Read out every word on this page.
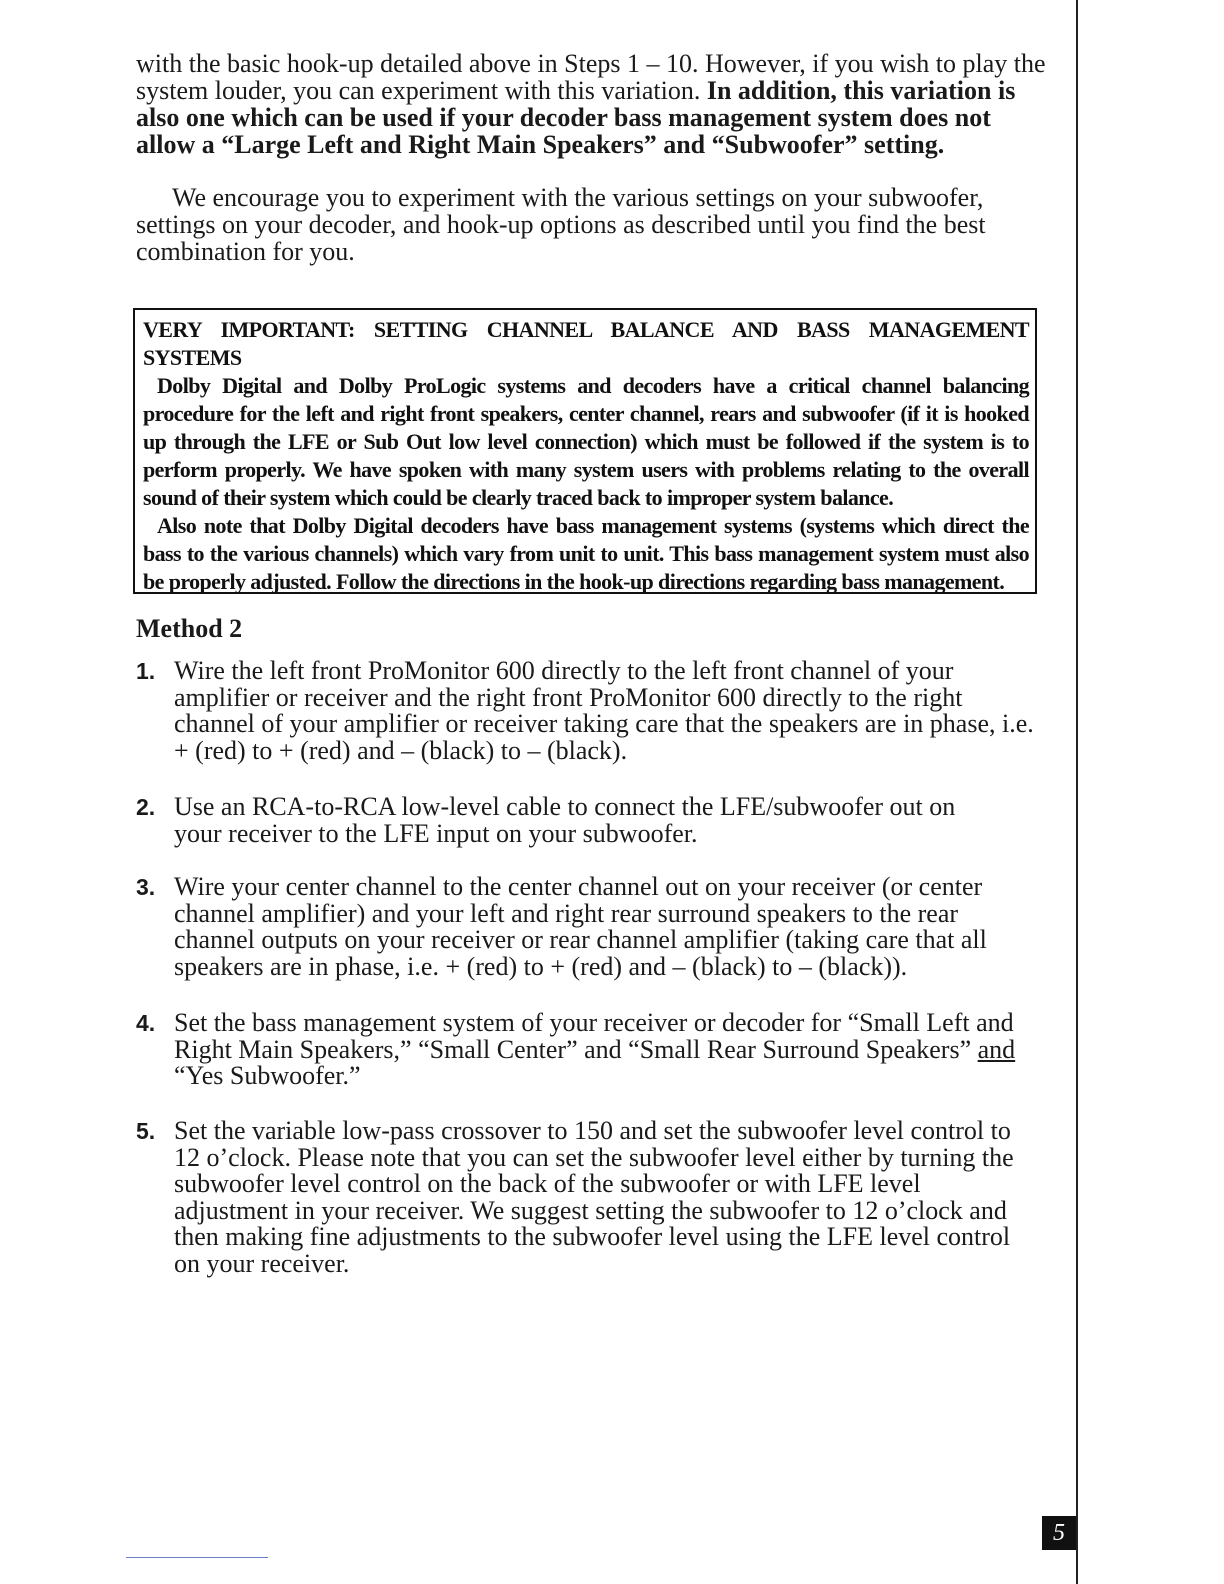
with the basic hook-up detailed above in Steps 1 – 10. However, if you wish to play the system louder, you can experiment with this variation. In addition, this variation is also one which can be used if your decoder bass management system does not allow a “Large Left and Right Main Speakers” and “Subwoofer” setting.

We encourage you to experiment with the various settings on your subwoofer, settings on your decoder, and hook-up options as described until you find the best combination for you.

VERY IMPORTANT: SETTING CHANNEL BALANCE AND BASS MANAGEMENT SYSTEMS

Dolby Digital and Dolby ProLogic systems and decoders have a critical channel balancing procedure for the left and right front speakers, center channel, rears and subwoofer (if it is hooked up through the LFE or Sub Out low level connection) which must be followed if the system is to perform properly. We have spoken with many system users with problems relating to the overall sound of their system which could be clearly traced back to improper system balance.

Also note that Dolby Digital decoders have bass management systems (systems which direct the bass to the various channels) which vary from unit to unit. This bass management system must also be properly adjusted. Follow the directions in the hook-up directions regarding bass management.

Method 2
1. Wire the left front ProMonitor 600 directly to the left front channel of your amplifier or receiver and the right front ProMonitor 600 directly to the right channel of your amplifier or receiver taking care that the speakers are in phase, i.e. + (red) to + (red) and – (black) to – (black).
2. Use an RCA-to-RCA low-level cable to connect the LFE/subwoofer out on your receiver to the LFE input on your subwoofer.
3. Wire your center channel to the center channel out on your receiver (or center channel amplifier) and your left and right rear surround speakers to the rear channel outputs on your receiver or rear channel amplifier (taking care that all speakers are in phase, i.e. + (red) to + (red) and – (black) to – (black)).
4. Set the bass management system of your receiver or decoder for “Small Left and Right Main Speakers,” “Small Center” and “Small Rear Surround Speakers” and “Yes Subwoofer.”
5. Set the variable low-pass crossover to 150 and set the subwoofer level control to 12 o’clock. Please note that you can set the subwoofer level either by turning the subwoofer level control on the back of the subwoofer or with LFE level adjustment in your receiver. We suggest setting the subwoofer to 12 o’clock and then making fine adjustments to the subwoofer level using the LFE level control on your receiver.
5
